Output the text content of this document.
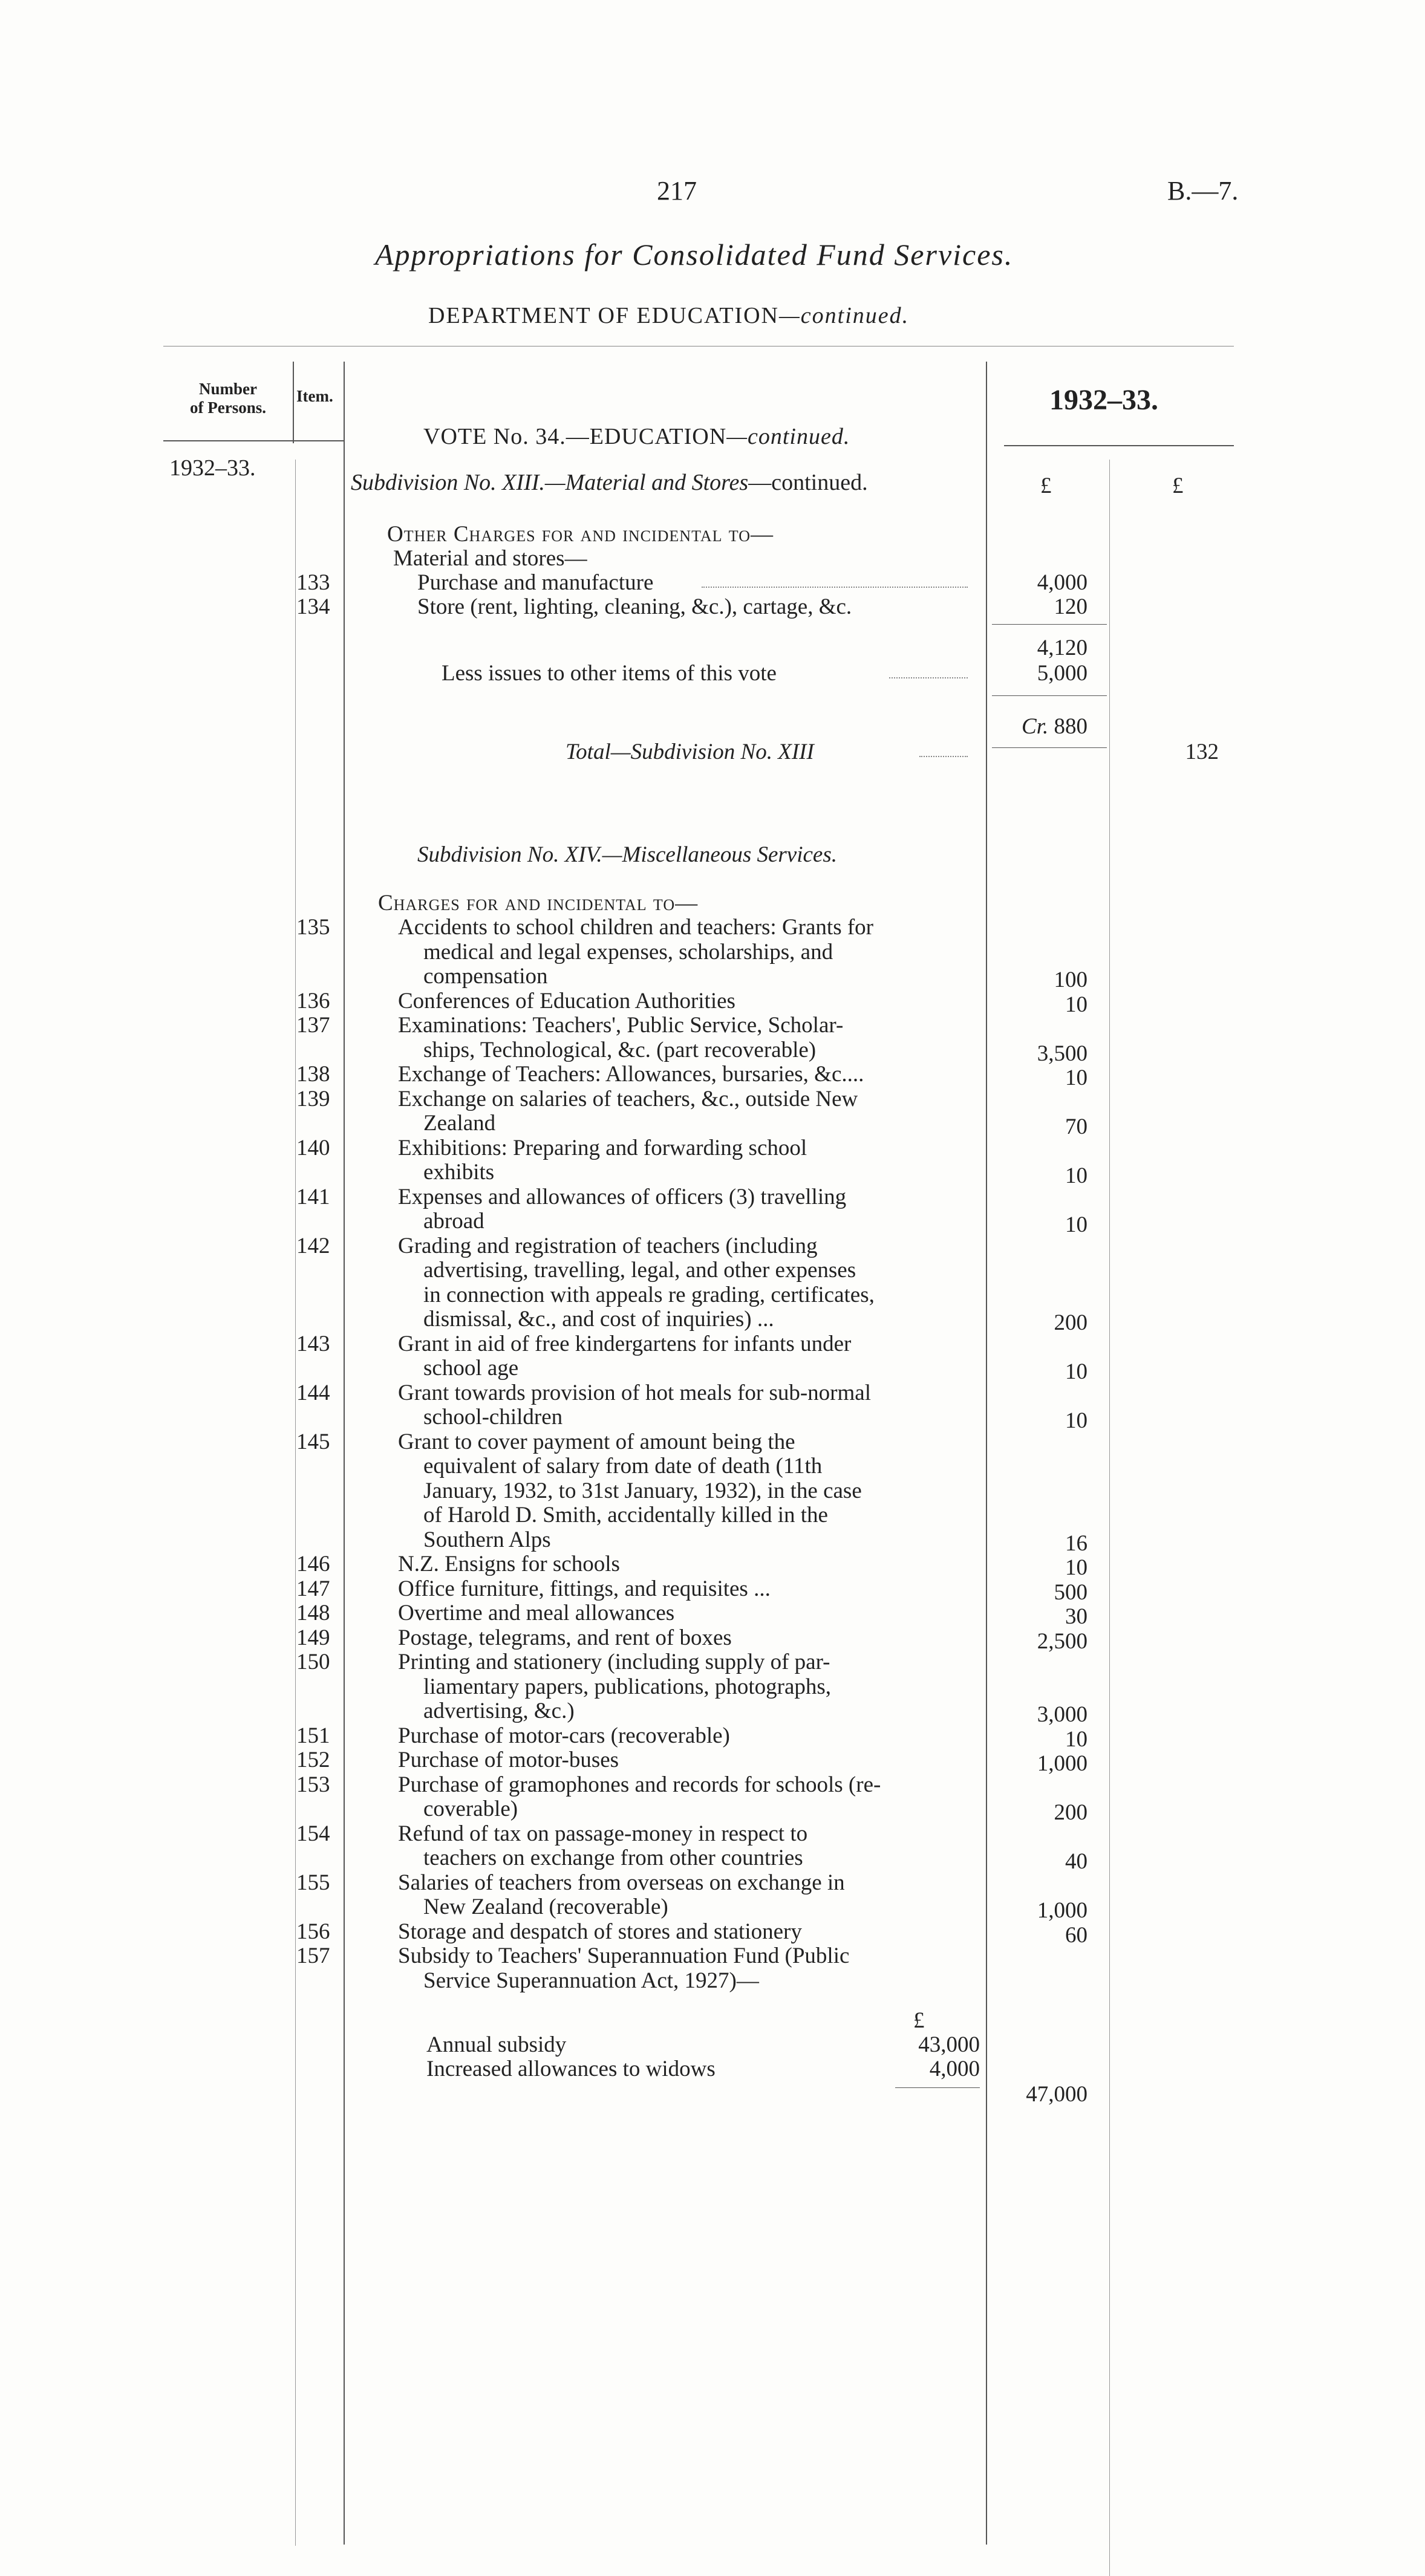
217	B.—7.
Appropriations for Consolidated Fund Services.
DEPARTMENT OF EDUCATION—continued.
Number
of Persons.
Item.	1932–33.
1932–33.
£	£
VOTE No. 34.—EDUCATION—continued.
Subdivision No. XIII.—Material and Stores—continued.
Other Charges for and incidental to—
Material and stores—
133	Purchase and manufacture	4,000
134	Store (rent, lighting, cleaning, &c.), cartage, &c.	120
4,120
Less issues to other items of this vote	5,000
Cr. 880
Total—Subdivision No. XIII	132
Subdivision No. XIV.—Miscellaneous Services.
Charges for and incidental to—
135	Accidents to school children and teachers: Grants for
medical and legal expenses, scholarships, and
compensation	100
136	Conferences of Education Authorities	10
137	Examinations: Teachers', Public Service, Scholar-
ships, Technological, &c. (part recoverable)	3,500
138	Exchange of Teachers: Allowances, bursaries, &c....	10
139	Exchange on salaries of teachers, &c., outside New
Zealand	70
140	Exhibitions: Preparing and forwarding school
exhibits	10
141	Expenses and allowances of officers (3) travelling
abroad	10
142	Grading and registration of teachers (including
advertising, travelling, legal, and other expenses
in connection with appeals re grading, certificates,
dismissal, &c., and cost of inquiries) ...	200
143	Grant in aid of free kindergartens for infants under
school age	10
144	Grant towards provision of hot meals for sub-normal
school-children	10
145	Grant to cover payment of amount being the
equivalent of salary from date of death (11th
January, 1932, to 31st January, 1932), in the case
of Harold D. Smith, accidentally killed in the
Southern Alps	16
146	N.Z. Ensigns for schools	10
147	Office furniture, fittings, and requisites ...	500
148	Overtime and meal allowances	30
149	Postage, telegrams, and rent of boxes	2,500
150	Printing and stationery (including supply of par-
liamentary papers, publications, photographs,
advertising, &c.)	3,000
151	Purchase of motor-cars (recoverable)	10
152	Purchase of motor-buses	1,000
153	Purchase of gramophones and records for schools (re-
coverable)	200
154	Refund of tax on passage-money in respect to
teachers on exchange from other countries	40
155	Salaries of teachers from overseas on exchange in
New Zealand (recoverable)	1,000
156	Storage and despatch of stores and stationery	60
157	Subsidy to Teachers' Superannuation Fund (Public
Service Superannuation Act, 1927)—
£
Annual subsidy	43,000
Increased allowances to widows	4,000
47,000
